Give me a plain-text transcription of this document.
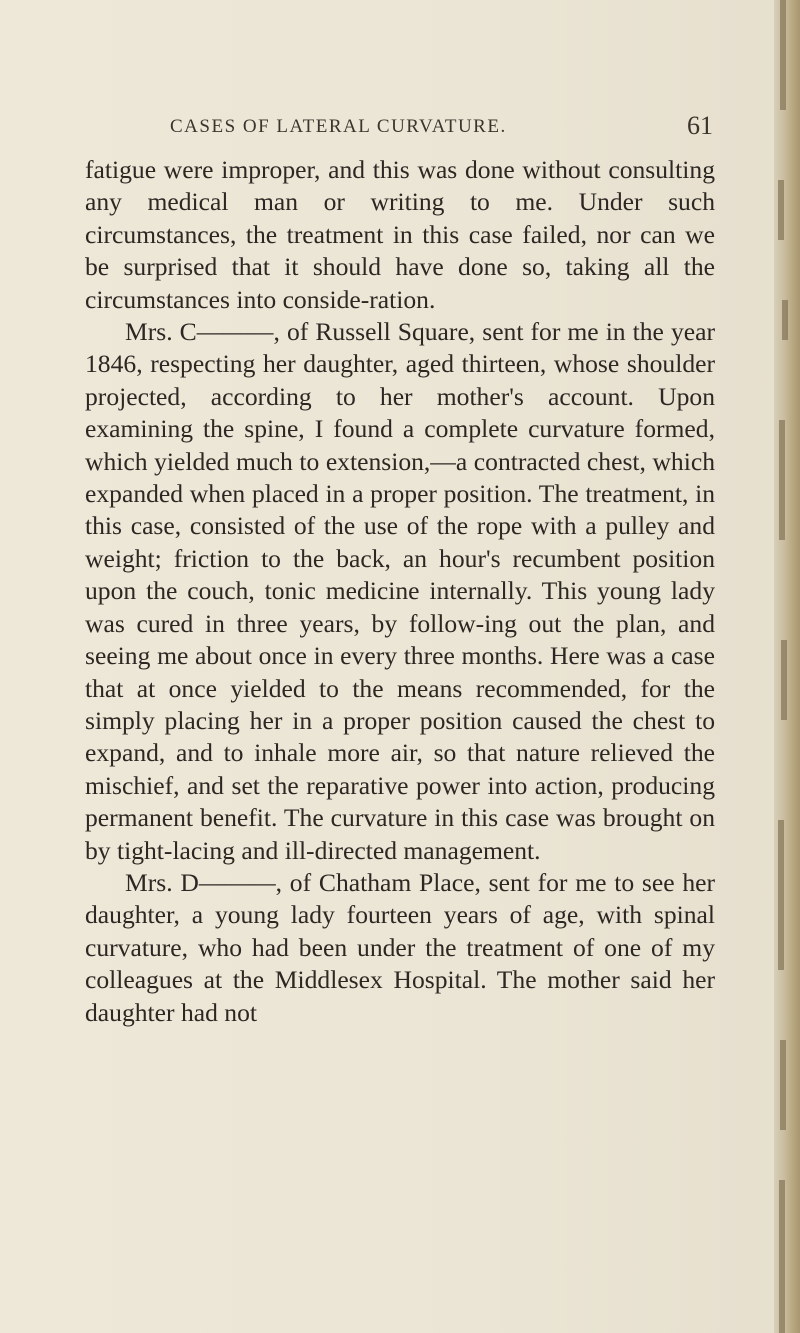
CASES OF LATERAL CURVATURE.	61

fatigue were improper, and this was done without consulting any medical man or writing to me. Under such circumstances, the treatment in this case failed, nor can we be surprised that it should have done so, taking all the circumstances into conside-ration.

Mrs. C———, of Russell Square, sent for me in the year 1846, respecting her daughter, aged thirteen, whose shoulder projected, according to her mother's account. Upon examining the spine, I found a complete curvature formed, which yielded much to extension,—a contracted chest, which expanded when placed in a proper position. The treatment, in this case, consisted of the use of the rope with a pulley and weight; friction to the back, an hour's recumbent position upon the couch, tonic medicine internally. This young lady was cured in three years, by follow-ing out the plan, and seeing me about once in every three months. Here was a case that at once yielded to the means recommended, for the simply placing her in a proper position caused the chest to expand, and to inhale more air, so that nature relieved the mischief, and set the reparative power into action, producing permanent benefit. The curvature in this case was brought on by tight-lacing and ill-directed management.

Mrs. D———, of Chatham Place, sent for me to see her daughter, a young lady fourteen years of age, with spinal curvature, who had been under the treatment of one of my colleagues at the Middlesex Hospital. The mother said her daughter had not
